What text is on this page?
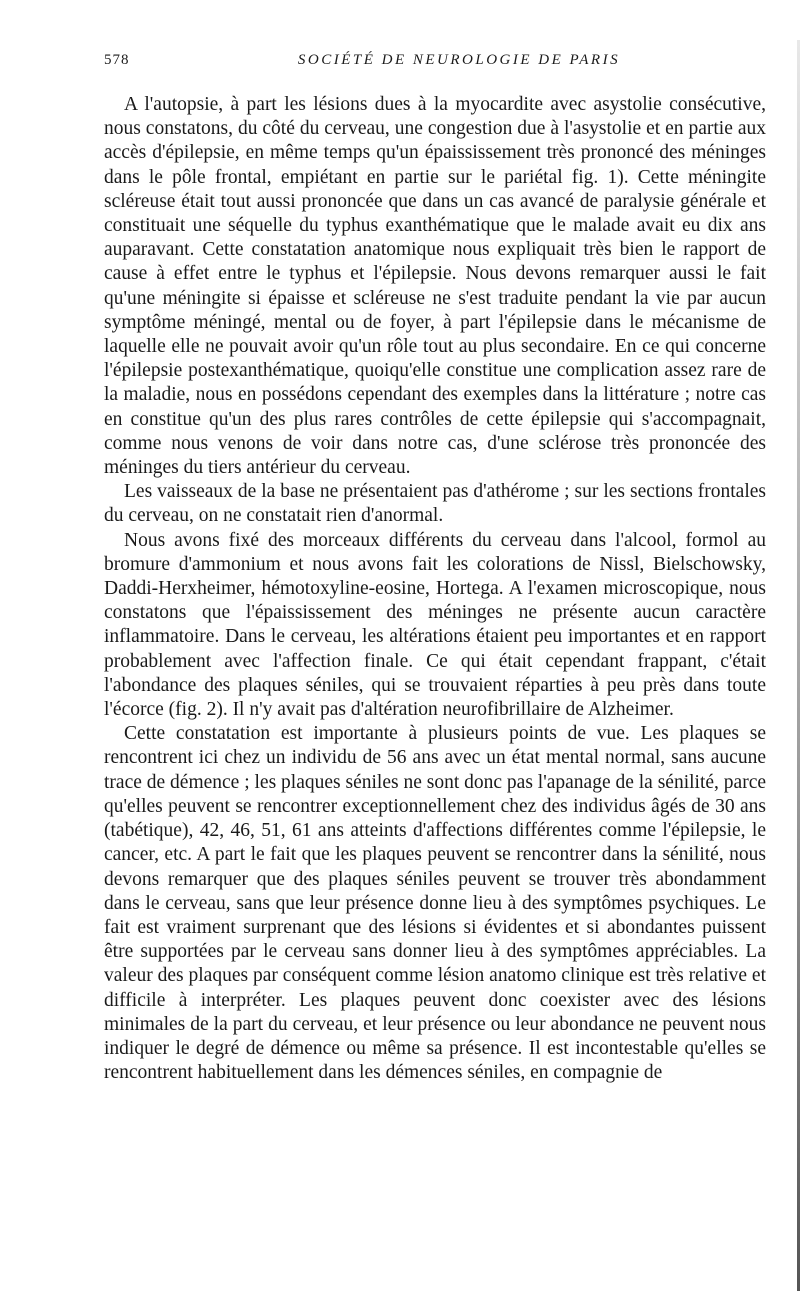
578	SOCIÉTÉ DE NEUROLOGIE DE PARIS

A l'autopsie, à part les lésions dues à la myocardite avec asystolie consécutive, nous constatons, du côté du cerveau, une congestion due à l'asystolie et en partie aux accès d'épilepsie, en même temps qu'un épaississement très prononcé des méninges dans le pôle frontal, empiétant en partie sur le pariétal fig. 1). Cette méningite scléreuse était tout aussi prononcée que dans un cas avancé de paralysie générale et constituait une séquelle du typhus exanthématique que le malade avait eu dix ans auparavant. Cette constatation anatomique nous expliquait très bien le rapport de cause à effet entre le typhus et l'épilepsie. Nous devons remarquer aussi le fait qu'une méningite si épaisse et scléreuse ne s'est traduite pendant la vie par aucun symptôme méningé, mental ou de foyer, à part l'épilepsie dans le mécanisme de laquelle elle ne pouvait avoir qu'un rôle tout au plus secondaire. En ce qui concerne l'épilepsie postexanthématique, quoiqu'elle constitue une complication assez rare de la maladie, nous en possédons cependant des exemples dans la littérature ; notre cas en constitue qu'un des plus rares contrôles de cette épilepsie qui s'accompagnait, comme nous venons de voir dans notre cas, d'une sclérose très prononcée des méninges du tiers antérieur du cerveau.

Les vaisseaux de la base ne présentaient pas d'athérome ; sur les sections frontales du cerveau, on ne constatait rien d'anormal.

Nous avons fixé des morceaux différents du cerveau dans l'alcool, formol au bromure d'ammonium et nous avons fait les colorations de Nissl, Bielschowsky, Daddi-Herxheimer, hémotoxyline-eosine, Hortega. A l'examen microscopique, nous constatons que l'épaississement des méninges ne présente aucun caractère inflammatoire. Dans le cerveau, les altérations étaient peu importantes et en rapport probablement avec l'affection finale. Ce qui était cependant frappant, c'était l'abondance des plaques séniles, qui se trouvaient réparties à peu près dans toute l'écorce (fig. 2). Il n'y avait pas d'altération neurofibrillaire de Alzheimer.

Cette constatation est importante à plusieurs points de vue. Les plaques se rencontrent ici chez un individu de 56 ans avec un état mental normal, sans aucune trace de démence ; les plaques séniles ne sont donc pas l'apanage de la sénilité, parce qu'elles peuvent se rencontrer exceptionnellement chez des individus âgés de 30 ans (tabétique), 42, 46, 51, 61 ans atteints d'affections différentes comme l'épilepsie, le cancer, etc. A part le fait que les plaques peuvent se rencontrer dans la sénilité, nous devons remarquer que des plaques séniles peuvent se trouver très abondamment dans le cerveau, sans que leur présence donne lieu à des symptômes psychiques. Le fait est vraiment surprenant que des lésions si évidentes et si abondantes puissent être supportées par le cerveau sans donner lieu à des symptômes appréciables. La valeur des plaques par conséquent comme lésion anatomo clinique est très relative et difficile à interpréter. Les plaques peuvent donc coexister avec des lésions minimales de la part du cerveau, et leur présence ou leur abondance ne peuvent nous indiquer le degré de démence ou même sa présence. Il est incontestable qu'elles se rencontrent habituellement dans les démences séniles, en compagnie de
